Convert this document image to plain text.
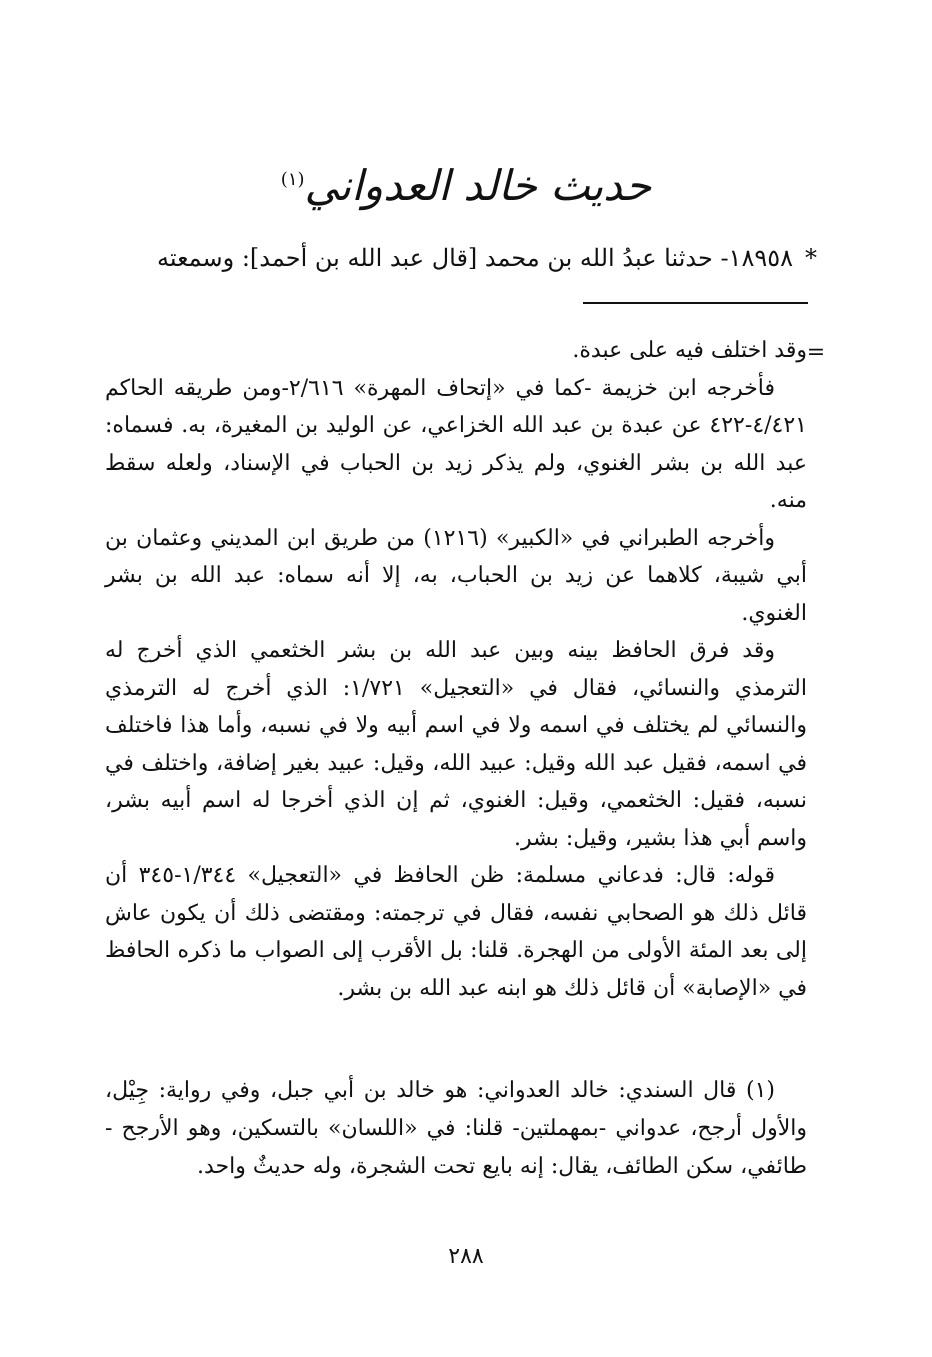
حديث خالد العدواني$^{(١)}$
*١٨٩٥٨- حدثنا عبدُ الله بن محمد [قال عبد الله بن أحمد]: وسمعته
=

وقد اختلف فيه على عبدة.

فأخرجه ابن خزيمة -كما في «إتحاف المهرة» ٢/٦١٦-ومن طريقه الحاكم ٤/٤٢١-٤٢٢ عن عبدة بن عبد الله الخزاعي، عن الوليد بن المغيرة، به. فسماه: عبد الله بن بشر الغنوي، ولم يذكر زيد بن الحباب في الإسناد، ولعله سقط منه.

وأخرجه الطبراني في «الكبير» (١٢١٦) من طريق ابن المديني وعثمان بن أبي شيبة، كلاهما عن زيد بن الحباب، به، إلا أنه سماه: عبد الله بن بشر الغنوي.

وقد فرق الحافظ بينه وبين عبد الله بن بشر الخثعمي الذي أخرج له الترمذي والنسائي، فقال في «التعجيل» ١/٧٢١: الذي أخرج له الترمذي والنسائي لم يختلف في اسمه ولا في اسم أبيه ولا في نسبه، وأما هذا فاختلف في اسمه، فقيل عبد الله وقيل: عبيد الله، وقيل: عبيد بغير إضافة، واختلف في نسبه، فقيل: الخثعمي، وقيل: الغنوي، ثم إن الذي أخرجا له اسم أبيه بشر، واسم أبي هذا بشير، وقيل: بشر.

قوله: قال: فدعاني مسلمة: ظن الحافظ في «التعجيل» ١/٣٤٤-٣٤٥ أن قائل ذلك هو الصحابي نفسه، فقال في ترجمته: ومقتضى ذلك أن يكون عاش إلى بعد المئة الأولى من الهجرة. قلنا: بل الأقرب إلى الصواب ما ذكره الحافظ في «الإصابة» أن قائل ذلك هو ابنه عبد الله بن بشر.

(١) قال السندي: خالد العدواني: هو خالد بن أبي جبل، وفي رواية: جِيْل، والأول أرجح، عدواني -بمهملتين- قلنا: في «اللسان» بالتسكين، وهو الأرجح - طائفي، سكن الطائف، يقال: إنه بايع تحت الشجرة، وله حديثٌ واحد.

٢٨٨
